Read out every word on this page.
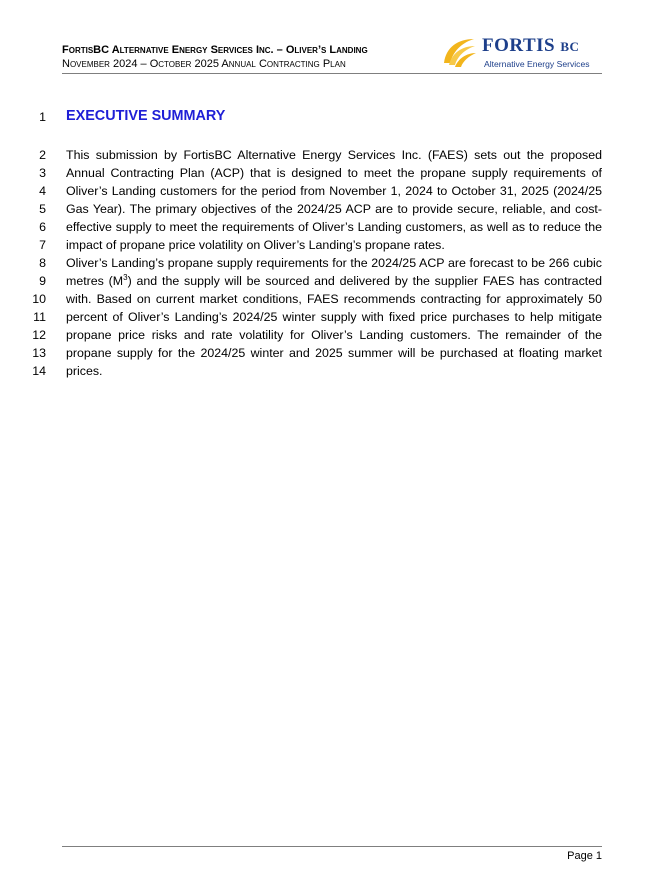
FortisBC Alternative Energy Services Inc. – Oliver’s Landing
November 2024 – October 2025 Annual Contracting Plan
FORTIS BC
Alternative Energy Services
1 EXECUTIVE SUMMARY
2
3
4
5
6
7
This submission by FortisBC Alternative Energy Services Inc. (FAES) sets out the proposed
Annual Contracting Plan (ACP) that is designed to meet the propane supply requirements of
Oliver’s Landing customers for the period from November 1, 2024 to October 31, 2025 (2024/25
Gas Year). The primary objectives of the 2024/25 ACP are to provide secure, reliable, and cost-
effective supply to meet the requirements of Oliver’s Landing customers, as well as to reduce the
impact of propane price volatility on Oliver’s Landing’s propane rates.
8
9
10
11
12
13
14
Oliver’s Landing’s propane supply requirements for the 2024/25 ACP are forecast to be 266 cubic
metres $(M^3)$ and the supply will be sourced and delivered by the supplier FAES has contracted
with. Based on current market conditions, FAES recommends contracting for approximately 50
percent of Oliver’s Landing’s 2024/25 winter supply with fixed price purchases to help mitigate
propane price risks and rate volatility for Oliver’s Landing customers. The remainder of the
propane supply for the 2024/25 winter and 2025 summer will be purchased at floating market
prices.
Page 1
